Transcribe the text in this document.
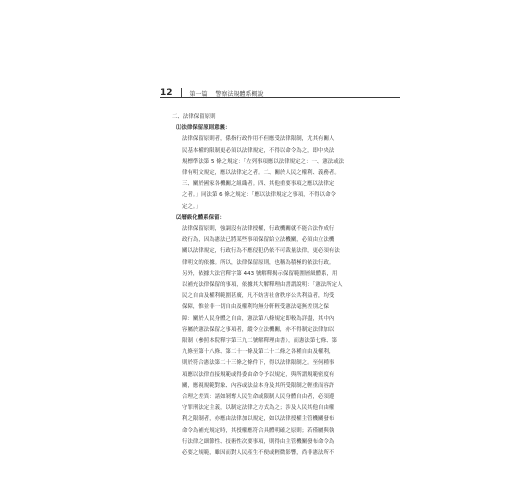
12	第一篇 警察法規體系概說
二、法律保留原則
⑴法律保留原則意義：

法律保留原則者，係指行政作用不但應受法律限制，尤其有關人

民基本權的限制更必須以法律規定，不得以命令為之，即中央法

規標準法第 5 條之規定：「左列事項應以法律規定之：一、憲法或法

律有明文規定，應以法律定之者。二、關於人民之權利、義務者。

三、關於國家各機關之組織者。四、其他重要事項之應以法律定

之者。」同法第 6 條之規定：「應以法律規定之事項，不得以命令

定之。」

⑵層級化體系保留：

法律保留原則，強調沒有法律授權，行政機關就不能合法作成行

政行為，因為憲法已將某些事項保留給立法機關，必須由立法機

關以法律規定，行政行為不應侵犯仍依不可裁量法律，更必須有法

律明文的依據。所以，法律保留原則，也稱為積極的依法行政。

另外，依據大法官釋字第 443 號解釋揭示保留範圍層級體系，用

以補充法律保留的事項，依據其大解釋理由書謂說明：「憲法所定人

民之自由及權利範圍甚廣，凡不妨害社會秩序公共利益者，均受

保障，惟並非一切自由及權利均無分軒輊受憲法毫無差別之保

障：關於人民身體之自由，憲法第八條規定即較為詳盡，其中內

容屬於憲法保留之事項者，縱令立法機關，亦不得制定法律加以

限制（參照本院釋字第三九二號解釋理由書），而憲法第七條、第

九條至第十八條、第二十一條及第二十二條之各種自由及權利，

則於符合憲法第二十三條之條件下，得以法律限制之。至何種事

項應以法律直接規範或得委由命令予以規定，與所謂規範密度有

關，應視規範對象、內容或法益本身及其所受限制之輕重而容許

合理之差異：諸如剝奪人民生命或限制人民身體自由者，必須遵

守罪刑法定主義，以制定法律之方式為之；涉及人民其他自由權

利之限制者，亦應由法律加以規定，如以法律授權主管機關發布

命令為補充規定時，其授權應符合具體明確之原則；若僅屬與執

行法律之細節性、技術性次要事項，則得由主管機關發布命令為

必要之規範，雖因而對人民產生不便或輕微影響，尚非憲法所不
